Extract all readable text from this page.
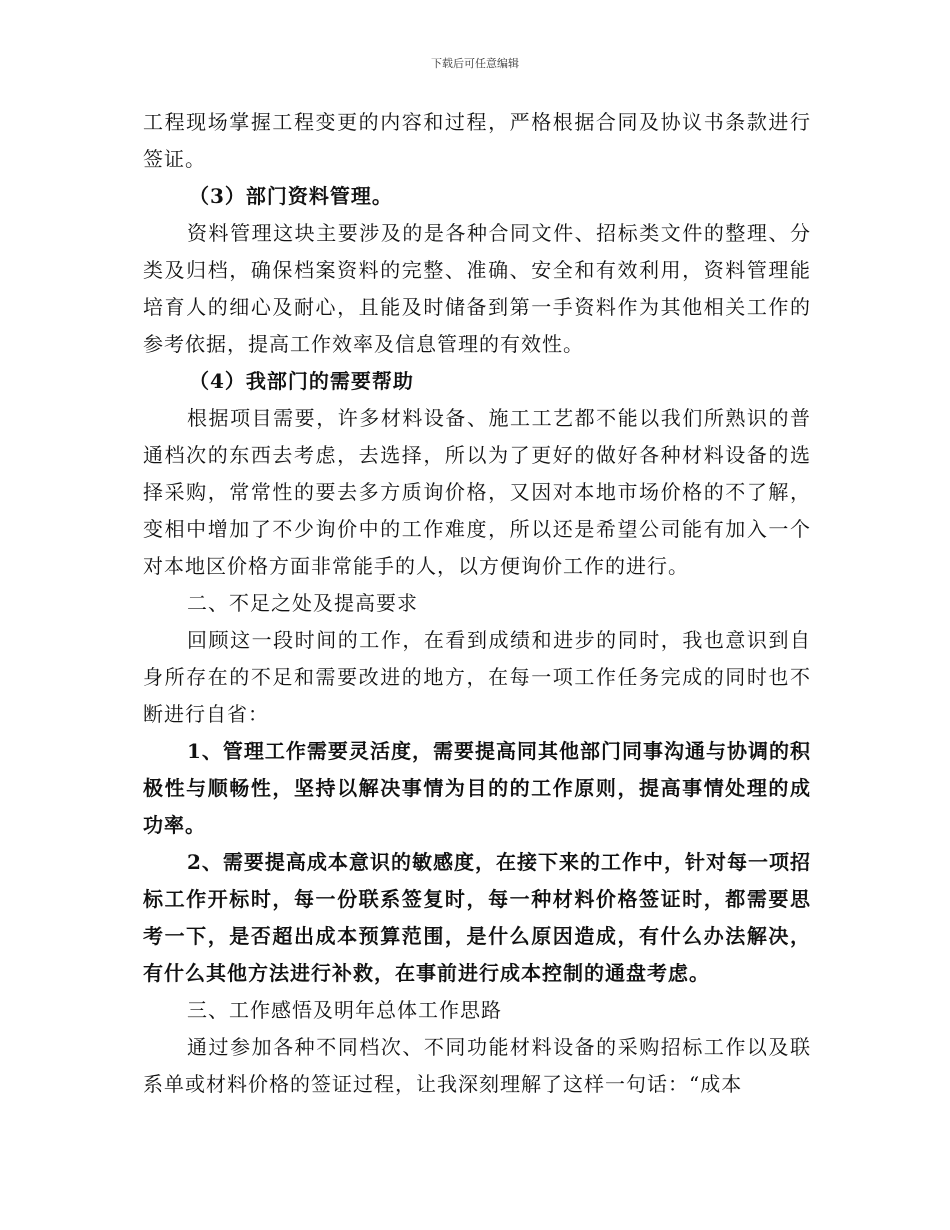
下载后可任意编辑

工程现场掌握工程变更的内容和过程，严格根据合同及协议书条款进行签证。

（3）部门资料管理。

资料管理这块主要涉及的是各种合同文件、招标类文件的整理、分类及归档，确保档案资料的完整、准确、安全和有效利用，资料管理能培育人的细心及耐心，且能及时储备到第一手资料作为其他相关工作的参考依据，提高工作效率及信息管理的有效性。

（4）我部门的需要帮助

根据项目需要，许多材料设备、施工工艺都不能以我们所熟识的普通档次的东西去考虑，去选择，所以为了更好的做好各种材料设备的选择采购，常常性的要去多方质询价格，又因对本地市场价格的不了解，变相中增加了不少询价中的工作难度，所以还是希望公司能有加入一个对本地区价格方面非常能手的人，以方便询价工作的进行。

二、不足之处及提高要求

回顾这一段时间的工作，在看到成绩和进步的同时，我也意识到自身所存在的不足和需要改进的地方，在每一项工作任务完成的同时也不断进行自省：

1、管理工作需要灵活度，需要提高同其他部门同事沟通与协调的积极性与顺畅性，坚持以解决事情为目的的工作原则，提高事情处理的成功率。

2、需要提高成本意识的敏感度，在接下来的工作中，针对每一项招标工作开标时，每一份联系签复时，每一种材料价格签证时，都需要思考一下，是否超出成本预算范围，是什么原因造成，有什么办法解决，有什么其他方法进行补救，在事前进行成本控制的通盘考虑。

三、工作感悟及明年总体工作思路

通过参加各种不同档次、不同功能材料设备的采购招标工作以及联系单或材料价格的签证过程，让我深刻理解了这样一句话：“成本
